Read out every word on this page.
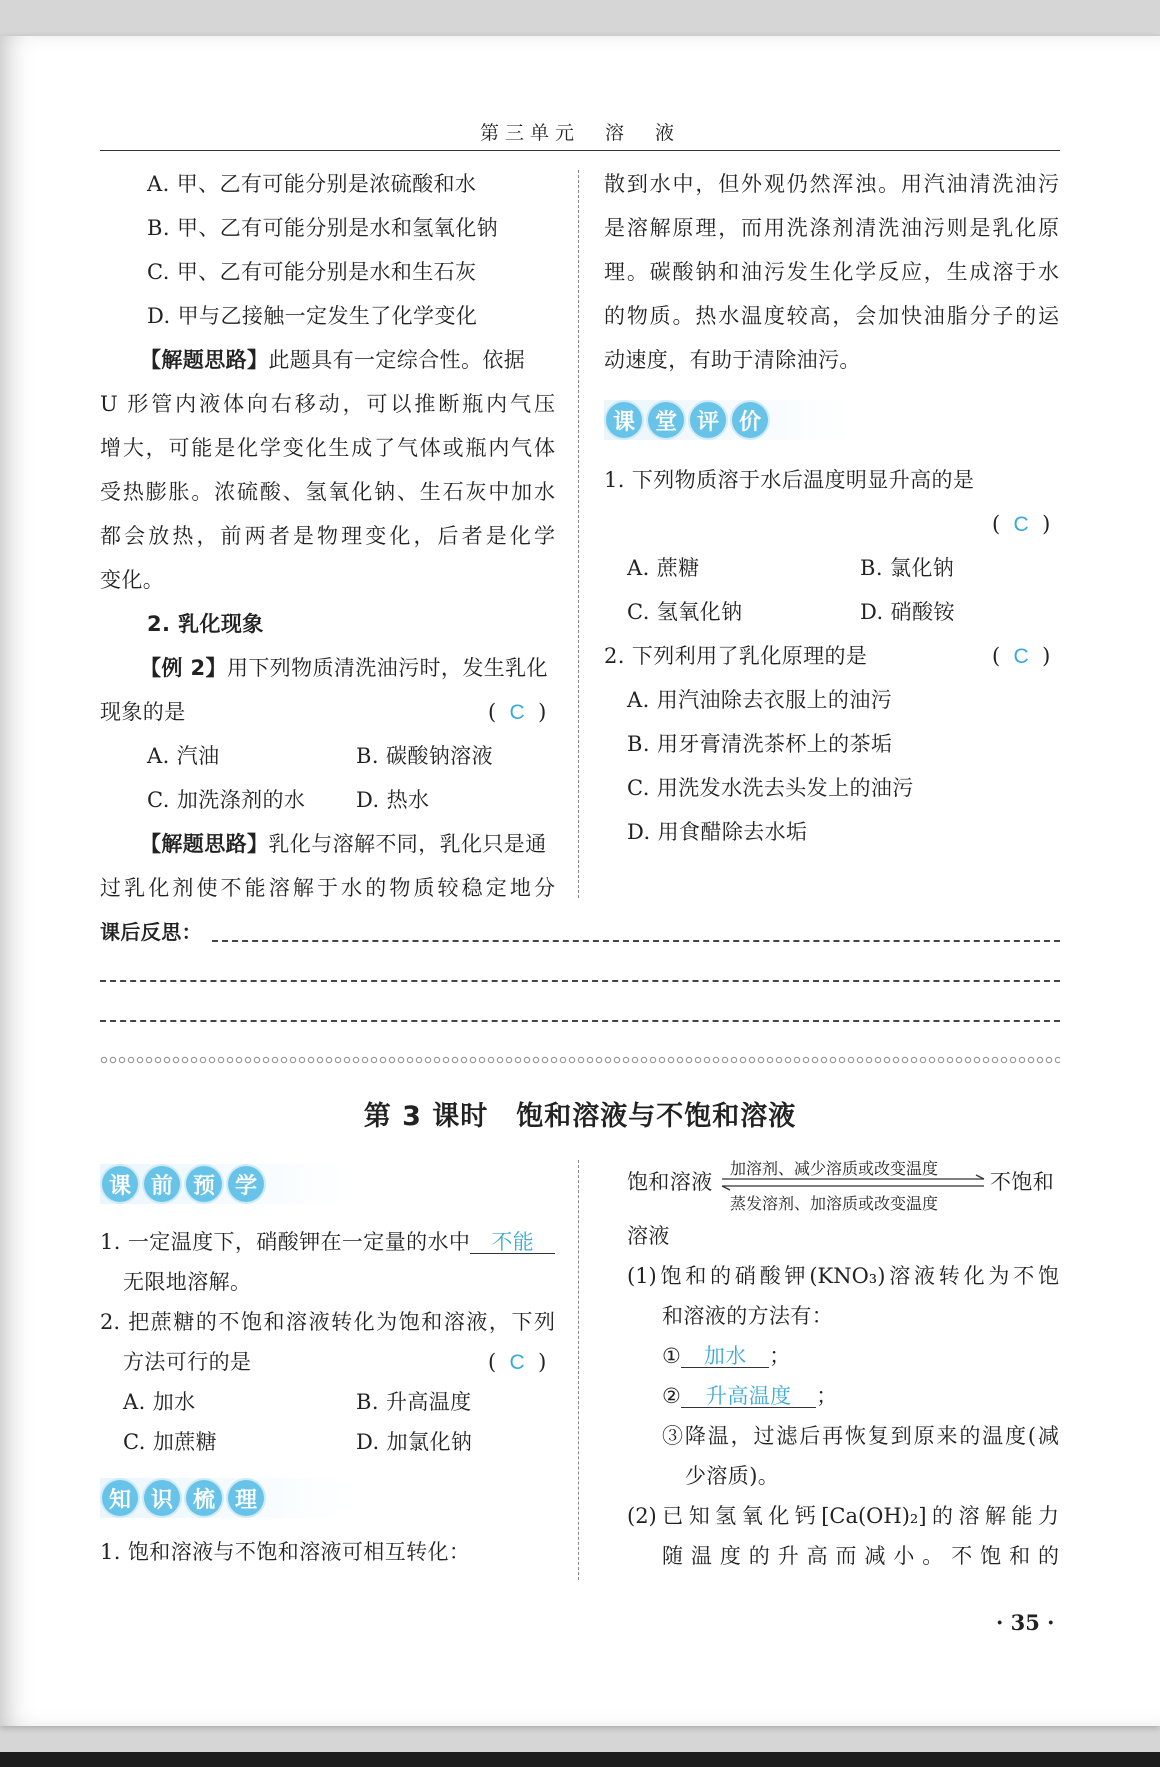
第三单元　溶　液
A. 甲、乙有可能分别是浓硫酸和水
B. 甲、乙有可能分别是水和氢氧化钠
C. 甲、乙有可能分别是水和生石灰
D. 甲与乙接触一定发生了化学变化
【解题思路】此题具有一定综合性。依据
U 形管内液体向右移动，可以推断瓶内气压
增大，可能是化学变化生成了气体或瓶内气体
受热膨胀。浓硫酸、氢氧化钠、生石灰中加水
都会放热，前两者是物理变化，后者是化学
变化。
2. 乳化现象
【例 2】用下列物质清洗油污时，发生乳化
现象的是	(  C  )
A. 汽油	B. 碳酸钠溶液
C. 加洗涤剂的水 D. 热水
【解题思路】乳化与溶解不同，乳化只是通
过乳化剂使不能溶解于水的物质较稳定地分
散到水中，但外观仍然浑浊。用汽油清洗油污
是溶解原理，而用洗涤剂清洗油污则是乳化原
理。碳酸钠和油污发生化学反应，生成溶于水
的物质。热水温度较高，会加快油脂分子的运
动速度，有助于清除油污。
课 堂 评 价
1. 下列物质溶于水后温度明显升高的是
(  C  )
A. 蔗糖	B. 氯化钠
C. 氢氧化钠	D. 硝酸铵
2. 下列利用了乳化原理的是	(  C  )
A. 用汽油除去衣服上的油污
B. 用牙膏清洗茶杯上的茶垢
C. 用洗发水洗去头发上的油污
D. 用食醋除去水垢
课后反思：
第 3 课时　饱和溶液与不饱和溶液
课 前 预 学
1. 一定温度下，硝酸钾在一定量的水中 不能
无限地溶解。
2. 把蔗糖的不饱和溶液转化为饱和溶液，下列
方法可行的是	(  C  )
A. 加水	B. 升高温度
C. 加蔗糖	D. 加氯化钠
知 识 梳 理
1. 饱和溶液与不饱和溶液可相互转化：
饱和溶液
加溶剂、减少溶质或改变温度
蒸发溶剂、加溶质或改变温度
不饱和
溶液
(1)饱和的硝酸钾(KNO₃)溶液转化为不饱
和溶液的方法有：
① 加水 ；
② 升高温度 ；
③降温，过滤后再恢复到原来的温度(减
少溶质)。
(2)已知氢氧化钙[Ca(OH)₂]的溶解能力
随温度的升高而减小。不饱和的
· 35 ·
